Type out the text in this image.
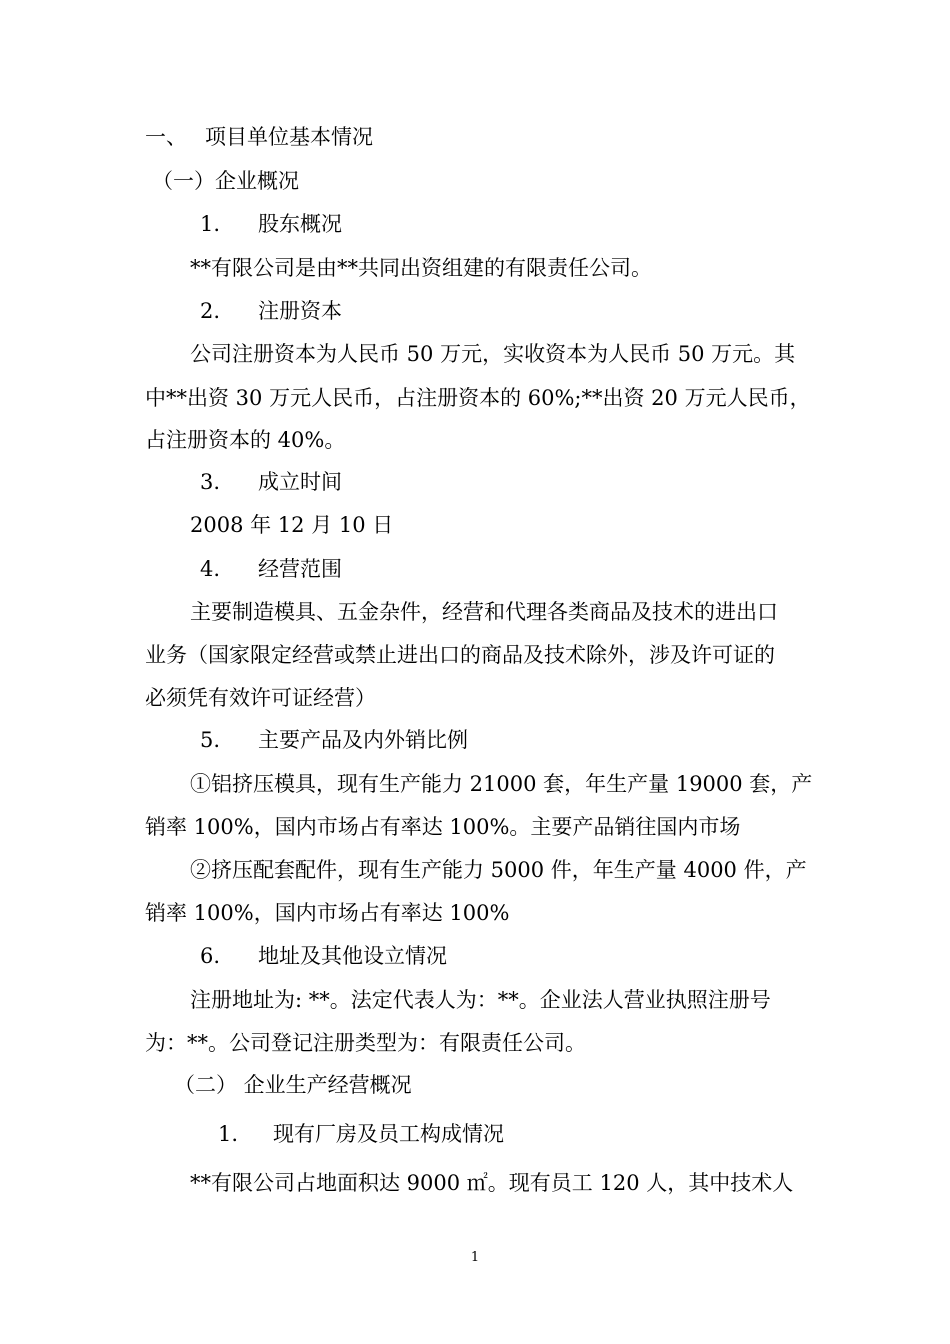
一、 项目单位基本情况
（一）企业概况
1. 股东概况
**有限公司是由**共同出资组建的有限责任公司。
2. 注册资本
公司注册资本为人民币 50 万元，实收资本为人民币 50 万元。其
中**出资 30 万元人民币，占注册资本的 60%;**出资 20 万元人民币，
占注册资本的 40%。
3. 成立时间
2008 年 12 月 10 日
4. 经营范围
主要制造模具、五金杂件，经营和代理各类商品及技术的进出口
业务（国家限定经营或禁止进出口的商品及技术除外，涉及许可证的
必须凭有效许可证经营）
5. 主要产品及内外销比例
①铝挤压模具，现有生产能力 21000 套，年生产量 19000 套，产
销率 100%，国内市场占有率达 100%。主要产品销往国内市场
②挤压配套配件，现有生产能力 5000 件，年生产量 4000 件，产
销率 100%，国内市场占有率达 100%
6. 地址及其他设立情况
注册地址为: **。法定代表人为：**。企业法人营业执照注册号
为：**。公司登记注册类型为：有限责任公司。
（二） 企业生产经营概况
1. 现有厂房及员工构成情况
**有限公司占地面积达 9000 ㎡。现有员工 120 人，其中技术人
1
